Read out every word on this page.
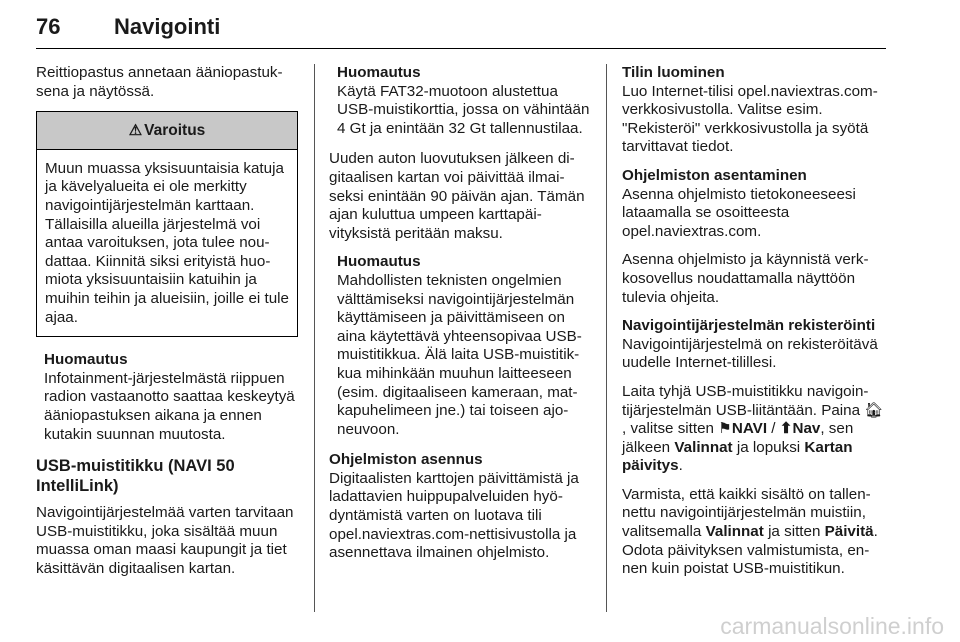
76 Navigointi

Reittiopastus annetaan ääniopastuksena ja näytössä.

⚠ Varoitus
Muun muassa yksisuuntaisia katuja ja kävelyalueita ei ole merkitty navigointijärjestelmän karttaan. Tällaisilla alueilla järjestelmä voi antaa varoituksen, jota tulee noudattaa. Kiinnitä siksi erityistä huomiota yksisuuntaisiin katuihin ja muihin teihin ja alueisiin, joille ei tule ajaa.
Huomautus
Infotainment-järjestelmästä riippuen radion vastaanotto saattaa keskeytyä ääniopastuksen aikana ja ennen kutakin suunnan muutosta.
USB-muistitikku (NAVI 50 IntelliLink)

Navigointijärjestelmää varten tarvitaan USB-muistitikku, joka sisältää muun muassa oman maasi kaupungit ja tiet käsittävän digitaalisen kartan.

Huomautus
Käytä FAT32-muotoon alustettua USB-muistikorttia, jossa on vähintään 4 Gt ja enintään 32 Gt tallennustilaa.

Uuden auton luovutuksen jälkeen digitaalisen kartan voi päivittää ilmaiseksi enintään 90 päivän ajan. Tämän ajan kuluttua umpeen karttapäivityksistä peritään maksu.

Huomautus
Mahdollisten teknisten ongelmien välttämiseksi navigointijärjestelmän käyttämiseen ja päivittämiseen on aina käytettävä yhteensopivaa USB-muistitikkua. Älä laita USB-muistitikkua mihinkään muuhun laitteeseen (esim. digitaaliseen kameraan, matkapuhelimeen jne.) tai toiseen ajoneuvoon.

Ohjelmiston asennus
Digitaalisten karttojen päivittämistä ja ladattavien huippupalveluiden hyödyntämistä varten on luotava tili opel.naviextras.com-nettisivustolla ja asennettava ilmainen ohjelmisto.

Tilin luominen
Luo Internet-tilisi opel.naviextras.com-verkkosivustolla. Valitse esim. "Rekisteröi" verkkosivustolla ja syötä tarvittavat tiedot.

Ohjelmiston asentaminen
Asenna ohjelmisto tietokoneeseesi lataamalla se osoitteesta opel.naviextras.com.

Asenna ohjelmisto ja käynnistä verkkosovellus noudattamalla näyttöön tulevia ohjeita.

Navigointijärjestelmän rekisteröinti
Navigointijärjestelmä on rekisteröitävä uudelle Internet-tilillesi.

Laita tyhjä USB-muistitikku navigointijärjestelmän USB-liitäntään. Paina 🏠︎, valitse sitten ⚑NAVI / ⬆Nav, sen jälkeen Valinnat ja lopuksi Kartan päivitys.

Varmista, että kaikki sisältö on tallennettu navigointijärjestelmän muistiin, valitsemalla Valinnat ja sitten Päivitä. Odota päivityksen valmistumista, ennen kuin poistat USB-muistitikun.

carmanualsonline.info
